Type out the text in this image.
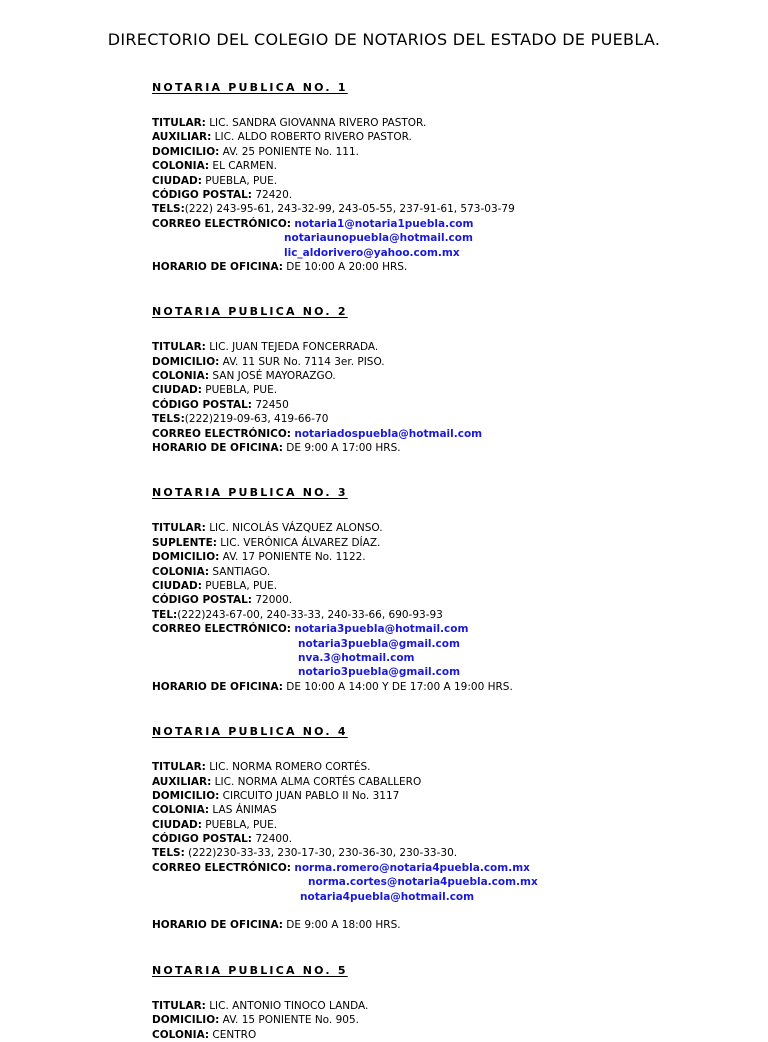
DIRECTORIO DEL COLEGIO DE NOTARIOS DEL ESTADO DE PUEBLA.
NOTARIA PUBLICA NO. 1
TITULAR: LIC. SANDRA GIOVANNA RIVERO PASTOR.
AUXILIAR: LIC. ALDO ROBERTO RIVERO PASTOR.
DOMICILIO: AV. 25 PONIENTE No. 111.
COLONIA: EL CARMEN.
CIUDAD: PUEBLA, PUE.
CÓDIGO POSTAL: 72420.
TELS:(222) 243-95-61, 243-32-99, 243-05-55, 237-91-61, 573-03-79
CORREO ELECTRÓNICO: notaria1@notaria1puebla.com
notariaunopuebla@hotmail.com
lic_aldorivero@yahoo.com.mx
HORARIO DE OFICINA: DE 10:00 A 20:00 HRS.
NOTARIA PUBLICA NO. 2
TITULAR: LIC. JUAN TEJEDA FONCERRADA.
DOMICILIO: AV. 11 SUR No. 7114 3er. PISO.
COLONIA: SAN JOSÉ MAYORAZGO.
CIUDAD: PUEBLA, PUE.
CÓDIGO POSTAL: 72450
TELS:(222)219-09-63, 419-66-70
CORREO ELECTRÓNICO: notariadospuebla@hotmail.com
HORARIO DE OFICINA: DE 9:00 A 17:00 HRS.
NOTARIA PUBLICA NO. 3
TITULAR: LIC. NICOLÁS VÁZQUEZ ALONSO.
SUPLENTE: LIC. VERÓNICA ÁLVAREZ DÍAZ.
DOMICILIO: AV. 17 PONIENTE No. 1122.
COLONIA: SANTIAGO.
CIUDAD: PUEBLA, PUE.
CÓDIGO POSTAL: 72000.
TEL:(222)243-67-00, 240-33-33, 240-33-66, 690-93-93
CORREO ELECTRÓNICO: notaria3puebla@hotmail.com
notaria3puebla@gmail.com
nva.3@hotmail.com
notario3puebla@gmail.com
HORARIO DE OFICINA: DE 10:00 A 14:00 Y DE 17:00 A 19:00 HRS.
NOTARIA PUBLICA NO. 4
TITULAR: LIC. NORMA ROMERO CORTÉS.
AUXILIAR: LIC. NORMA ALMA CORTÉS CABALLERO
DOMICILIO: CIRCUITO JUAN PABLO II No. 3117
COLONIA: LAS ÁNIMAS
CIUDAD: PUEBLA, PUE.
CÓDIGO POSTAL: 72400.
TELS: (222)230-33-33, 230-17-30, 230-36-30, 230-33-30.
CORREO ELECTRÓNICO: norma.romero@notaria4puebla.com.mx
norma.cortes@notaria4puebla.com.mx
notaria4puebla@hotmail.com
HORARIO DE OFICINA: DE 9:00 A 18:00 HRS.
NOTARIA PUBLICA NO. 5
TITULAR: LIC. ANTONIO TINOCO LANDA.
DOMICILIO: AV. 15 PONIENTE No. 905.
COLONIA: CENTRO
